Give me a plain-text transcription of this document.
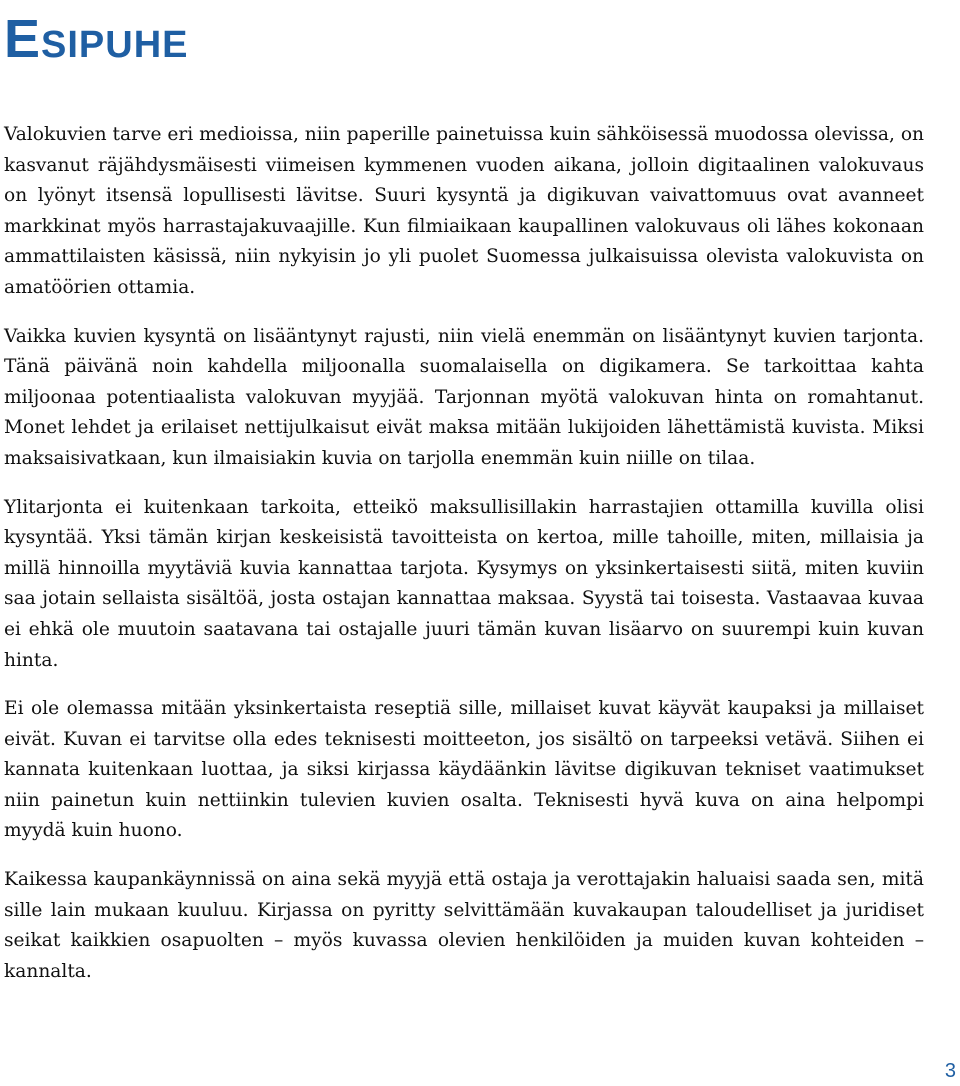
Esipuhe

Valokuvien tarve eri medioissa, niin paperille painetuissa kuin sähköisessä muodossa olevissa, on kasvanut räjähdysmäisesti viimeisen kymmenen vuoden aikana, jolloin digitaalinen valokuvaus on lyönyt itsensä lopullisesti lävitse. Suuri kysyntä ja digikuvan vaivattomuus ovat avanneet markkinat myös harrastajakuvaajille. Kun filmiaikaan kaupallinen valokuvaus oli lähes kokonaan ammattilaisten käsissä, niin nykyisin jo yli puolet Suomessa julkaisuissa olevista valokuvista on amatöörien ottamia.

Vaikka kuvien kysyntä on lisääntynyt rajusti, niin vielä enemmän on lisääntynyt kuvien tarjonta. Tänä päivänä noin kahdella miljoonalla suomalaisella on digikamera. Se tarkoittaa kahta miljoonaa potentiaalista valokuvan myyjää. Tarjonnan myötä valokuvan hinta on romahtanut. Monet lehdet ja erilaiset nettijulkaisut eivät maksa mitään lukijoiden lähettämistä kuvista. Miksi maksaisivatkaan, kun ilmaisiakin kuvia on tarjolla enemmän kuin niille on tilaa.

Ylitarjonta ei kuitenkaan tarkoita, etteikö maksullisillakin harrastajien ottamilla kuvilla olisi kysyntää. Yksi tämän kirjan keskeisistä tavoitteista on kertoa, mille tahoille, miten, millaisia ja millä hinnoilla myytäviä kuvia kannattaa tarjota. Kysymys on yksinkertaisesti siitä, miten kuviin saa jotain sellaista sisältöä, josta ostajan kannattaa maksaa. Syystä tai toisesta. Vastaavaa kuvaa ei ehkä ole muutoin saatavana tai ostajalle juuri tämän kuvan lisäarvo on suurempi kuin kuvan hinta.

Ei ole olemassa mitään yksinkertaista reseptiä sille, millaiset kuvat käyvät kaupaksi ja millaiset eivät. Kuvan ei tarvitse olla edes teknisesti moitteeton, jos sisältö on tarpeeksi vetävä. Siihen ei kannata kuitenkaan luottaa, ja siksi kirjassa käydäänkin lävitse digikuvan tekniset vaatimukset niin painetun kuin nettiinkin tulevien kuvien osalta. Teknisesti hyvä kuva on aina helpompi myydä kuin huono.

Kaikessa kaupankäynnissä on aina sekä myyjä että ostaja ja verottajakin haluaisi saada sen, mitä sille lain mukaan kuuluu. Kirjassa on pyritty selvittämään kuvakaupan taloudelliset ja juridiset seikat kaikkien osapuolten – myös kuvassa olevien henkilöiden ja muiden kuvan kohteiden – kannalta.

3
